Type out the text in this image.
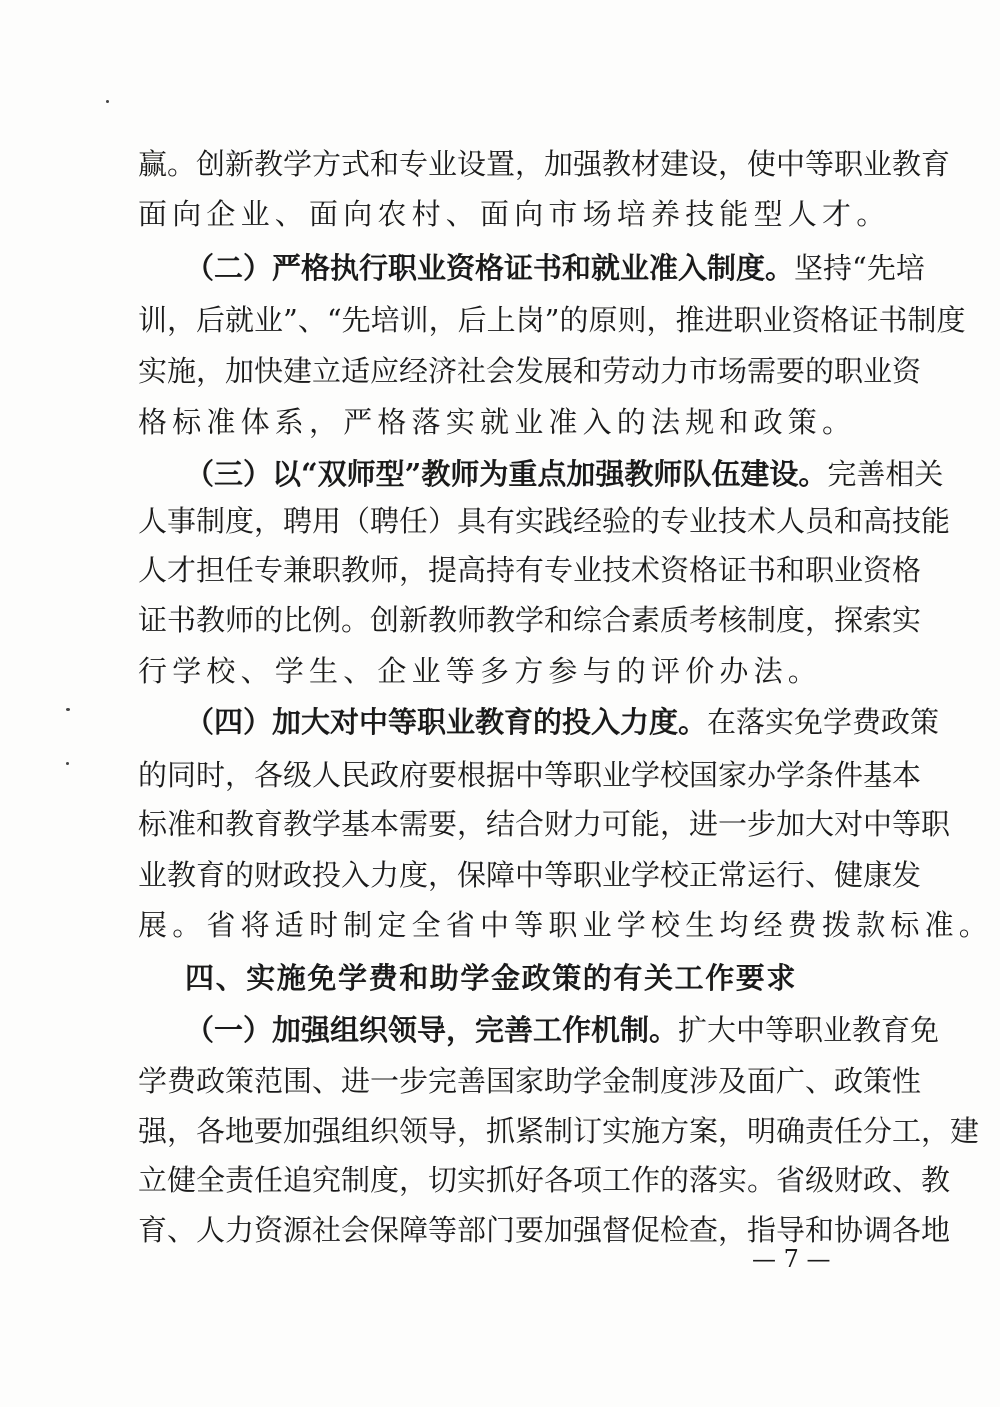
赢。创新教学方式和专业设置，加强教材建设，使中等职业教育
面向企业、面向农村、面向市场培养技能型人才。
（二）严格执行职业资格证书和就业准入制度。坚持“先培
训，后就业”、“先培训，后上岗”的原则，推进职业资格证书制度
实施，加快建立适应经济社会发展和劳动力市场需要的职业资
格标准体系，严格落实就业准入的法规和政策。
（三）以“双师型”教师为重点加强教师队伍建设。完善相关
人事制度，聘用（聘任）具有实践经验的专业技术人员和高技能
人才担任专兼职教师，提高持有专业技术资格证书和职业资格
证书教师的比例。创新教师教学和综合素质考核制度，探索实
行学校、学生、企业等多方参与的评价办法。
（四）加大对中等职业教育的投入力度。在落实免学费政策
的同时，各级人民政府要根据中等职业学校国家办学条件基本
标准和教育教学基本需要，结合财力可能，进一步加大对中等职
业教育的财政投入力度，保障中等职业学校正常运行、健康发
展。省将适时制定全省中等职业学校生均经费拨款标准。
四、实施免学费和助学金政策的有关工作要求
（一）加强组织领导，完善工作机制。扩大中等职业教育免
学费政策范围、进一步完善国家助学金制度涉及面广、政策性
强，各地要加强组织领导，抓紧制订实施方案，明确责任分工，建
立健全责任追究制度，切实抓好各项工作的落实。省级财政、教
育、人力资源社会保障等部门要加强督促检查，指导和协调各地
— 7 —
